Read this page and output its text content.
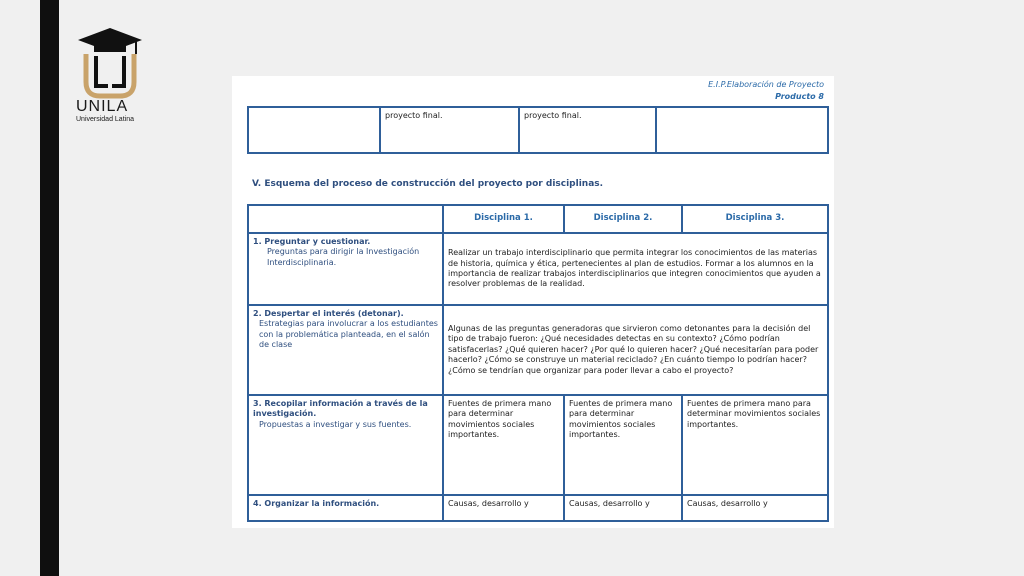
UNILA
Universidad Latina
E.I.P.Elaboración de Proyecto
Producto 8
	proyecto final.	proyecto final.	
V. Esquema del proceso de construcción del proyecto por disciplinas.
	Disciplina 1.	Disciplina 2.	Disciplina 3.

1. Preguntar y cuestionar.
Preguntas para dirigir la Investigación Interdisciplinaria.	Realizar un trabajo interdisciplinario que permita integrar los conocimientos de las materias de historia, química y ética, pertenecientes al plan de estudios. Formar a los alumnos en la importancia de realizar trabajos interdisciplinarios que integren conocimientos que ayuden a resolver problemas de la realidad.		

2. Despertar el interés (detonar).
Estrategias para involucrar a los estudiantes con la problemática planteada, en el salón de clase	Algunas de las preguntas generadoras que sirvieron como detonantes para la decisión del tipo de trabajo fueron: ¿Qué necesidades detectas en su contexto? ¿Cómo podrían satisfacerlas? ¿Qué quieren hacer? ¿Por qué lo quieren hacer? ¿Qué necesitarían para poder hacerlo? ¿Cómo se construye un material reciclado? ¿En cuánto tiempo lo podrían hacer? ¿Cómo se tendrían que organizar para poder llevar a cabo el proyecto?		

3. Recopilar información a través de la investigación.
Propuestas a investigar y sus fuentes.	Fuentes de primera mano para determinar movimientos sociales importantes.	Fuentes de primera mano para determinar movimientos sociales importantes.	Fuentes de primera mano para determinar movimientos sociales importantes.

4. Organizar la información.	Causas, desarrollo y	Causas, desarrollo y	Causas, desarrollo y
